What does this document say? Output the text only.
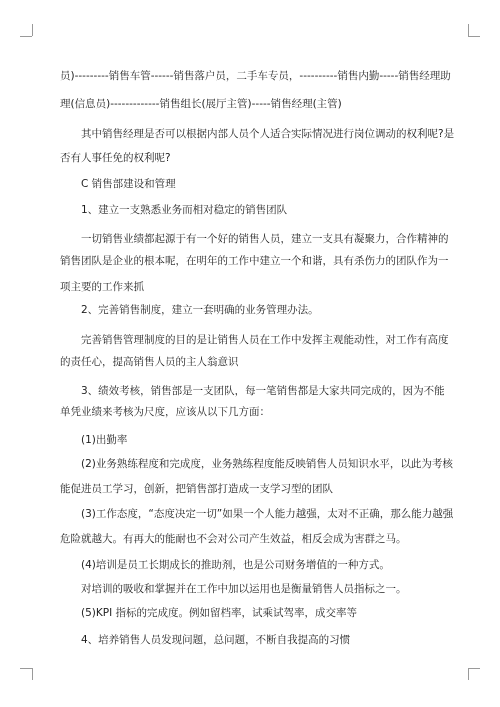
员)---------销售车管------销售落户员，二手车专员，----------销售内勤-----销售经理助
理(信息员)-------------销售组长(展厅主管)-----销售经理(主管)
其中销售经理是否可以根据内部人员个人适合实际情况进行岗位调动的权利呢?是
否有人事任免的权利呢?
C 销售部建设和管理
1、建立一支熟悉业务而相对稳定的销售团队
一切销售业绩都起源于有一个好的销售人员，建立一支具有凝聚力，合作精神的
销售团队是企业的根本呢，在明年的工作中建立一个和谐，具有杀伤力的团队作为一
项主要的工作来抓
2、完善销售制度，建立一套明确的业务管理办法。
完善销售管理制度的目的是让销售人员在工作中发挥主观能动性，对工作有高度
的责任心，提高销售人员的主人翁意识
3、绩效考核，销售部是一支团队，每一笔销售都是大家共同完成的，因为不能
单凭业绩来考核为尺度，应该从以下几方面：
(1)出勤率
(2)业务熟练程度和完成度，业务熟练程度能反映销售人员知识水平，以此为考核
能促进员工学习，创新，把销售部打造成一支学习型的团队
(3)工作态度，“态度决定一切”如果一个人能力越强，太对不正确，那么能力越强
危险就越大。有再大的能耐也不会对公司产生效益，相反会成为害群之马。
(4)培训是员工长期成长的推助剂，也是公司财务增值的一种方式。
对培训的吸收和掌握并在工作中加以运用也是衡量销售人员指标之一。
(5)KPI 指标的完成度。例如留档率，试乘试驾率，成交率等
4、培养销售人员发现问题，总问题，不断自我提高的习惯
